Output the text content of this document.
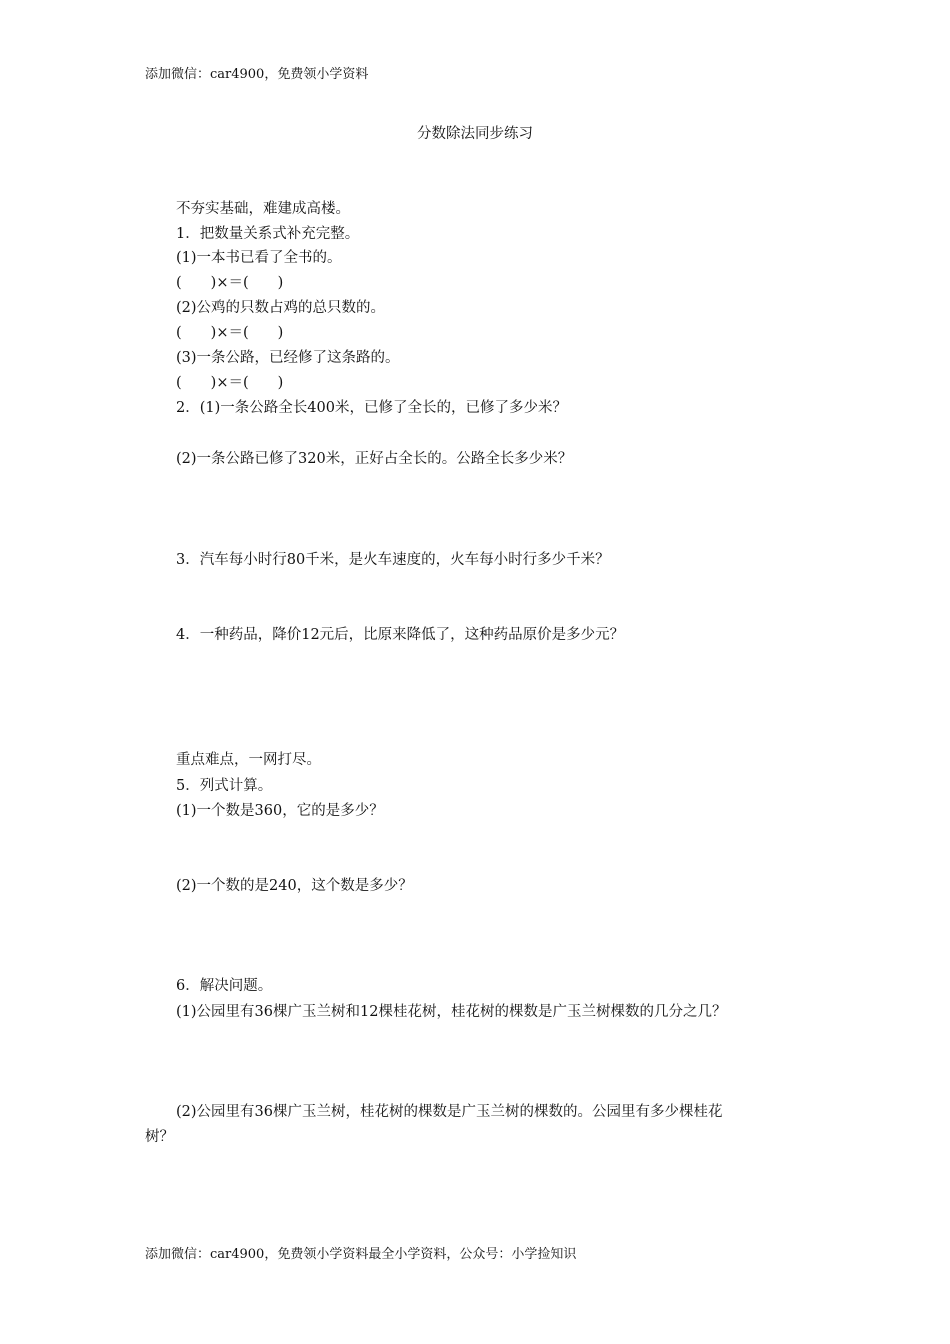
添加微信：car4900，免费领小学资料
分数除法同步练习
不夯实基础，难建成高楼。
1．把数量关系式补充完整。
(1)一本书已看了全书的。
(　　)×＝(　　)
(2)公鸡的只数占鸡的总只数的。
(　　)×＝(　　)
(3)一条公路，已经修了这条路的。
(　　)×＝(　　)
2．(1)一条公路全长400米，已修了全长的，已修了多少米？
(2)一条公路已修了320米，正好占全长的。公路全长多少米？
3．汽车每小时行80千米，是火车速度的，火车每小时行多少千米？
4．一种药品，降价12元后，比原来降低了，这种药品原价是多少元？
重点难点，一网打尽。
5．列式计算。
(1)一个数是360，它的是多少？
(2)一个数的是240，这个数是多少？
6．解决问题。
(1)公园里有36棵广玉兰树和12棵桂花树，桂花树的棵数是广玉兰树棵数的几分之几？
(2)公园里有36棵广玉兰树，桂花树的棵数是广玉兰树的棵数的。公园里有多少棵桂花
树？
添加微信：car4900，免费领小学资料最全小学资料，公众号：小学捡知识
